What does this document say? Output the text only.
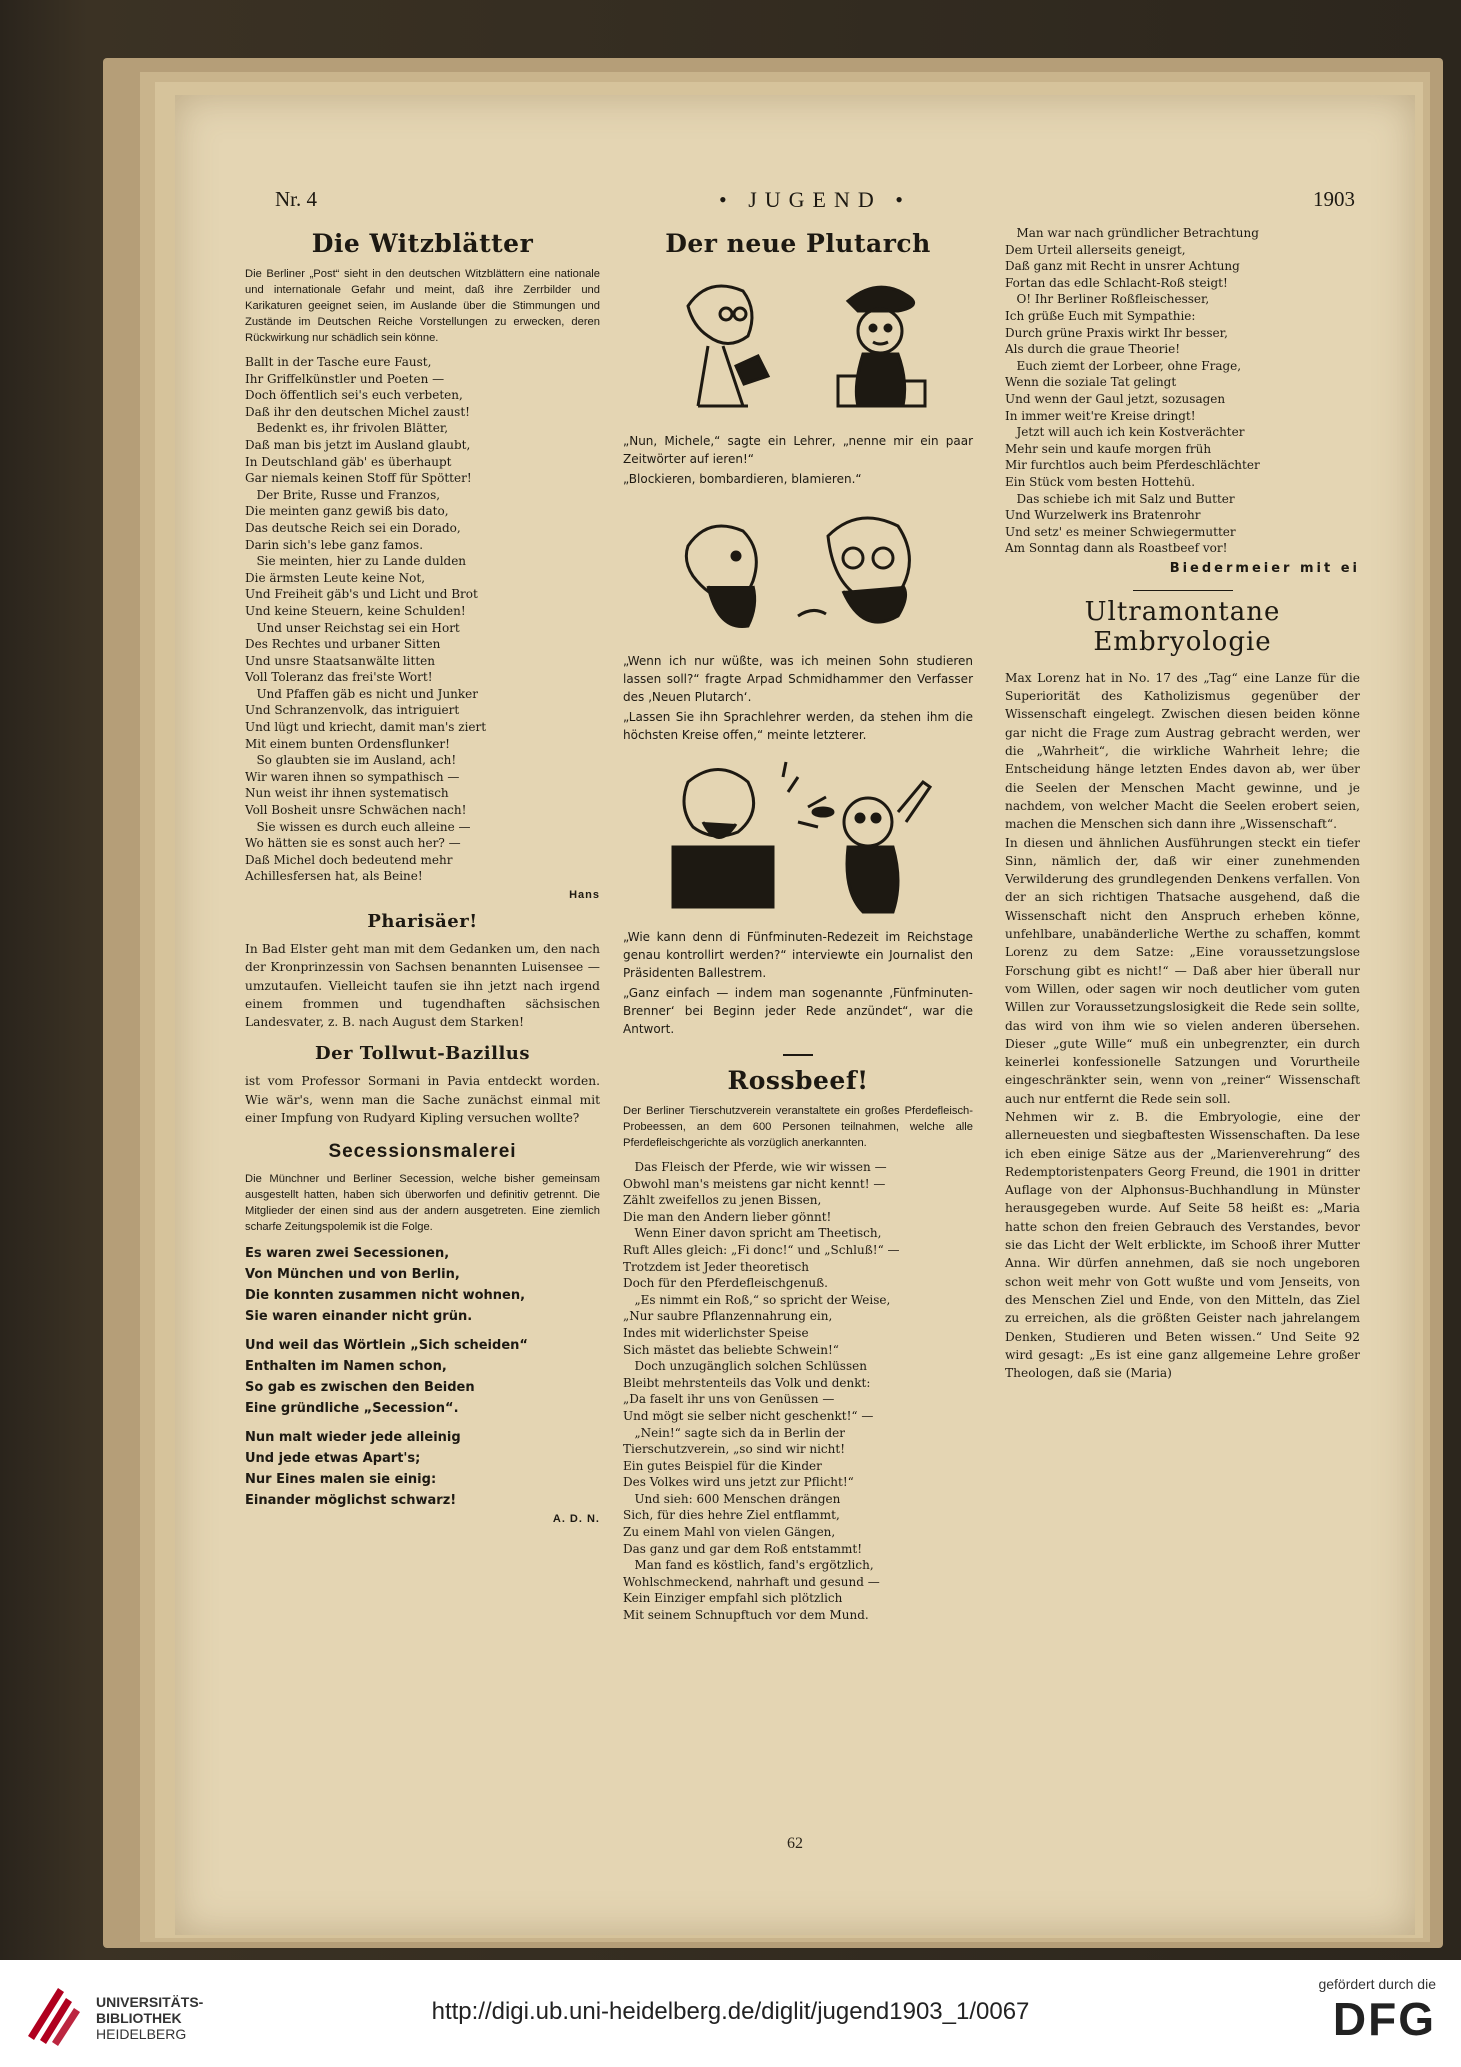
Nr. 4	• JUGEND •	1903
Die Witzblätter
Die Berliner „Post“ sieht in den deutschen Witzblättern eine nationale und internationale Gefahr und meint, daß ihre Zerrbilder und Karikaturen geeignet seien, im Auslande über die Stimmungen und Zustände im Deutschen Reiche Vorstellungen zu erwecken, deren Rückwirkung nur schädlich sein könne.
Ballt in der Tasche eure Faust,
Ihr Griffelkünstler und Poeten —
Doch öffentlich sei's euch verbeten,
Daß ihr den deutschen Michel zaust!
Bedenkt es, ihr frivolen Blätter,
Daß man bis jetzt im Ausland glaubt,
In Deutschland gäb' es überhaupt
Gar niemals keinen Stoff für Spötter!
Der Brite, Russe und Franzos,
Die meinten ganz gewiß bis dato,
Das deutsche Reich sei ein Dorado,
Darin sich's lebe ganz famos.
Sie meinten, hier zu Lande dulden
Die ärmsten Leute keine Not,
Und Freiheit gäb's und Licht und Brot
Und keine Steuern, keine Schulden!
Und unser Reichstag sei ein Hort
Des Rechtes und urbaner Sitten
Und unsre Staatsanwälte litten
Voll Toleranz das frei'ste Wort!
Und Pfaffen gäb es nicht und Junker
Und Schranzenvolk, das intriguiert
Und lügt und kriecht, damit man's ziert
Mit einem bunten Ordensflunker!
So glaubten sie im Ausland, ach!
Wir waren ihnen so sympathisch —
Nun weist ihr ihnen systematisch
Voll Bosheit unsre Schwächen nach!
Sie wissen es durch euch alleine —
Wo hätten sie es sonst auch her? —
Daß Michel doch bedeutend mehr
Achillesfersen hat, als Beine!
Hans
Pharisäer!
In Bad Elster geht man mit dem Gedanken um, den nach der Kronprinzessin von Sachsen benannten Luisensee — umzutaufen. Vielleicht taufen sie ihn jetzt nach irgend einem frommen und tugendhaften sächsischen Landesvater, z. B. nach August dem Starken!
Der Tollwut-Bazillus
ist vom Professor Sormani in Pavia entdeckt worden. Wie wär's, wenn man die Sache zunächst einmal mit einer Impfung von Rudyard Kipling versuchen wollte?
Secessionsmalerei
Die Münchner und Berliner Secession, welche bisher gemeinsam ausgestellt hatten, haben sich überworfen und definitiv getrennt. Die Mitglieder der einen sind aus der andern ausgetreten. Eine ziemlich scharfe Zeitungspolemik ist die Folge.
Es waren zwei Secessionen,
Von München und von Berlin,
Die konnten zusammen nicht wohnen,
Sie waren einander nicht grün.
Und weil das Wörtlein „Sich scheiden“
Enthalten im Namen schon,
So gab es zwischen den Beiden
Eine gründliche „Secession“.
Nun malt wieder jede alleinig
Und jede etwas Apart's;
Nur Eines malen sie einig:
Einander möglichst schwarz!
A. D. N.
Der neue Plutarch

„Nun, Michele,“ sagte ein Lehrer, „nenne mir ein paar Zeitwörter auf ieren!“

„Blockieren, bombardieren, blamieren.“

„Wenn ich nur wüßte, was ich meinen Sohn studieren lassen soll?“ fragte Arpad Schmidhammer den Verfasser des ‚Neuen Plutarch‘.

„Lassen Sie ihn Sprachlehrer werden, da stehen ihm die höchsten Kreise offen,“ meinte letzterer.

„Wie kann denn di Fünfminuten-Redezeit im Reichstage genau kontrollirt werden?“ interviewte ein Journalist den Präsidenten Ballestrem.

„Ganz einfach — indem man sogenannte ‚Fünfminuten-Brenner‘ bei Beginn jeder Rede anzündet“, war die Antwort.

Rossbeef!
Der Berliner Tierschutzverein veranstaltete ein großes Pferdefleisch-Probeessen, an dem 600 Personen teilnahmen, welche alle Pferdefleischgerichte als vorzüglich anerkannten.
Das Fleisch der Pferde, wie wir wissen —
Obwohl man's meistens gar nicht kennt! —
Zählt zweifellos zu jenen Bissen,
Die man den Andern lieber gönnt!
Wenn Einer davon spricht am Theetisch,
Ruft Alles gleich: „Fi donc!“ und „Schluß!“ —
Trotzdem ist Jeder theoretisch
Doch für den Pferdefleischgenuß.
„Es nimmt ein Roß,“ so spricht der Weise,
„Nur saubre Pflanzennahrung ein,
Indes mit widerlichster Speise
Sich mästet das beliebte Schwein!“
Doch unzugänglich solchen Schlüssen
Bleibt mehrstenteils das Volk und denkt:
„Da faselt ihr uns von Genüssen —
Und mögt sie selber nicht geschenkt!“ —
„Nein!“ sagte sich da in Berlin der
Tierschutzverein, „so sind wir nicht!
Ein gutes Beispiel für die Kinder
Des Volkes wird uns jetzt zur Pflicht!“
Und sieh: 600 Menschen drängen
Sich, für dies hehre Ziel entflammt,
Zu einem Mahl von vielen Gängen,
Das ganz und gar dem Roß entstammt!
Man fand es köstlich, fand's ergötzlich,
Wohlschmeckend, nahrhaft und gesund —
Kein Einziger empfahl sich plötzlich
Mit seinem Schnupftuch vor dem Mund.
Man war nach gründlicher Betrachtung
Dem Urteil allerseits geneigt,
Daß ganz mit Recht in unsrer Achtung
Fortan das edle Schlacht-Roß steigt!
O! Ihr Berliner Roßfleischesser,
Ich grüße Euch mit Sympathie:
Durch grüne Praxis wirkt Ihr besser,
Als durch die graue Theorie!
Euch ziemt der Lorbeer, ohne Frage,
Wenn die soziale Tat gelingt
Und wenn der Gaul jetzt, sozusagen
In immer weit're Kreise dringt!
Jetzt will auch ich kein Kostverächter
Mehr sein und kaufe morgen früh
Mir furchtlos auch beim Pferdeschlächter
Ein Stück vom besten Hottehü.
Das schiebe ich mit Salz und Butter
Und Wurzelwerk ins Bratenrohr
Und setz' es meiner Schwiegermutter
Am Sonntag dann als Roastbeef vor!
Biedermeier mit ei
Ultramontane Embryologie
Max Lorenz hat in No. 17 des „Tag“ eine Lanze für die Superiorität des Katholizismus gegenüber der Wissenschaft eingelegt. Zwischen diesen beiden könne gar nicht die Frage zum Austrag gebracht werden, wer die „Wahrheit“, die wirkliche Wahrheit lehre; die Entscheidung hänge letzten Endes davon ab, wer über die Seelen der Menschen Macht gewinne, und je nachdem, von welcher Macht die Seelen erobert seien, machen die Menschen sich dann ihre „Wissenschaft“.
In diesen und ähnlichen Ausführungen steckt ein tiefer Sinn, nämlich der, daß wir einer zunehmenden Verwilderung des grundlegenden Denkens verfallen. Von der an sich richtigen Thatsache ausgehend, daß die Wissenschaft nicht den Anspruch erheben könne, unfehlbare, unabänderliche Werthe zu schaffen, kommt Lorenz zu dem Satze: „Eine voraussetzungslose Forschung gibt es nicht!“ — Daß aber hier überall nur vom Willen, oder sagen wir noch deutlicher vom guten Willen zur Voraussetzungslosigkeit die Rede sein sollte, das wird von ihm wie so vielen anderen übersehen. Dieser „gute Wille“ muß ein unbegrenzter, ein durch keinerlei konfessionelle Satzungen und Vorurtheile eingeschränkter sein, wenn von „reiner“ Wissenschaft auch nur entfernt die Rede sein soll.
Nehmen wir z. B. die Embryologie, eine der allerneuesten und siegbaftesten Wissenschaften. Da lese ich eben einige Sätze aus der „Marienverehrung“ des Redemptoristenpaters Georg Freund, die 1901 in dritter Auflage von der Alphonsus-Buchhandlung in Münster herausgegeben wurde. Auf Seite 58 heißt es: „Maria hatte schon den freien Gebrauch des Verstandes, bevor sie das Licht der Welt erblickte, im Schooß ihrer Mutter Anna. Wir dürfen annehmen, daß sie noch ungeboren schon weit mehr von Gott wußte und vom Jenseits, von des Menschen Ziel und Ende, von den Mitteln, das Ziel zu erreichen, als die größten Geister nach jahrelangem Denken, Studieren und Beten wissen.“ Und Seite 92 wird gesagt: „Es ist eine ganz allgemeine Lehre großer Theologen, daß sie (Maria)
62
UNIVERSITÄTS-
BIBLIOTHEK
HEIDELBERG
http://digi.ub.uni-heidelberg.de/diglit/jugend1903_1/0067
gefördert durch die
DFG
